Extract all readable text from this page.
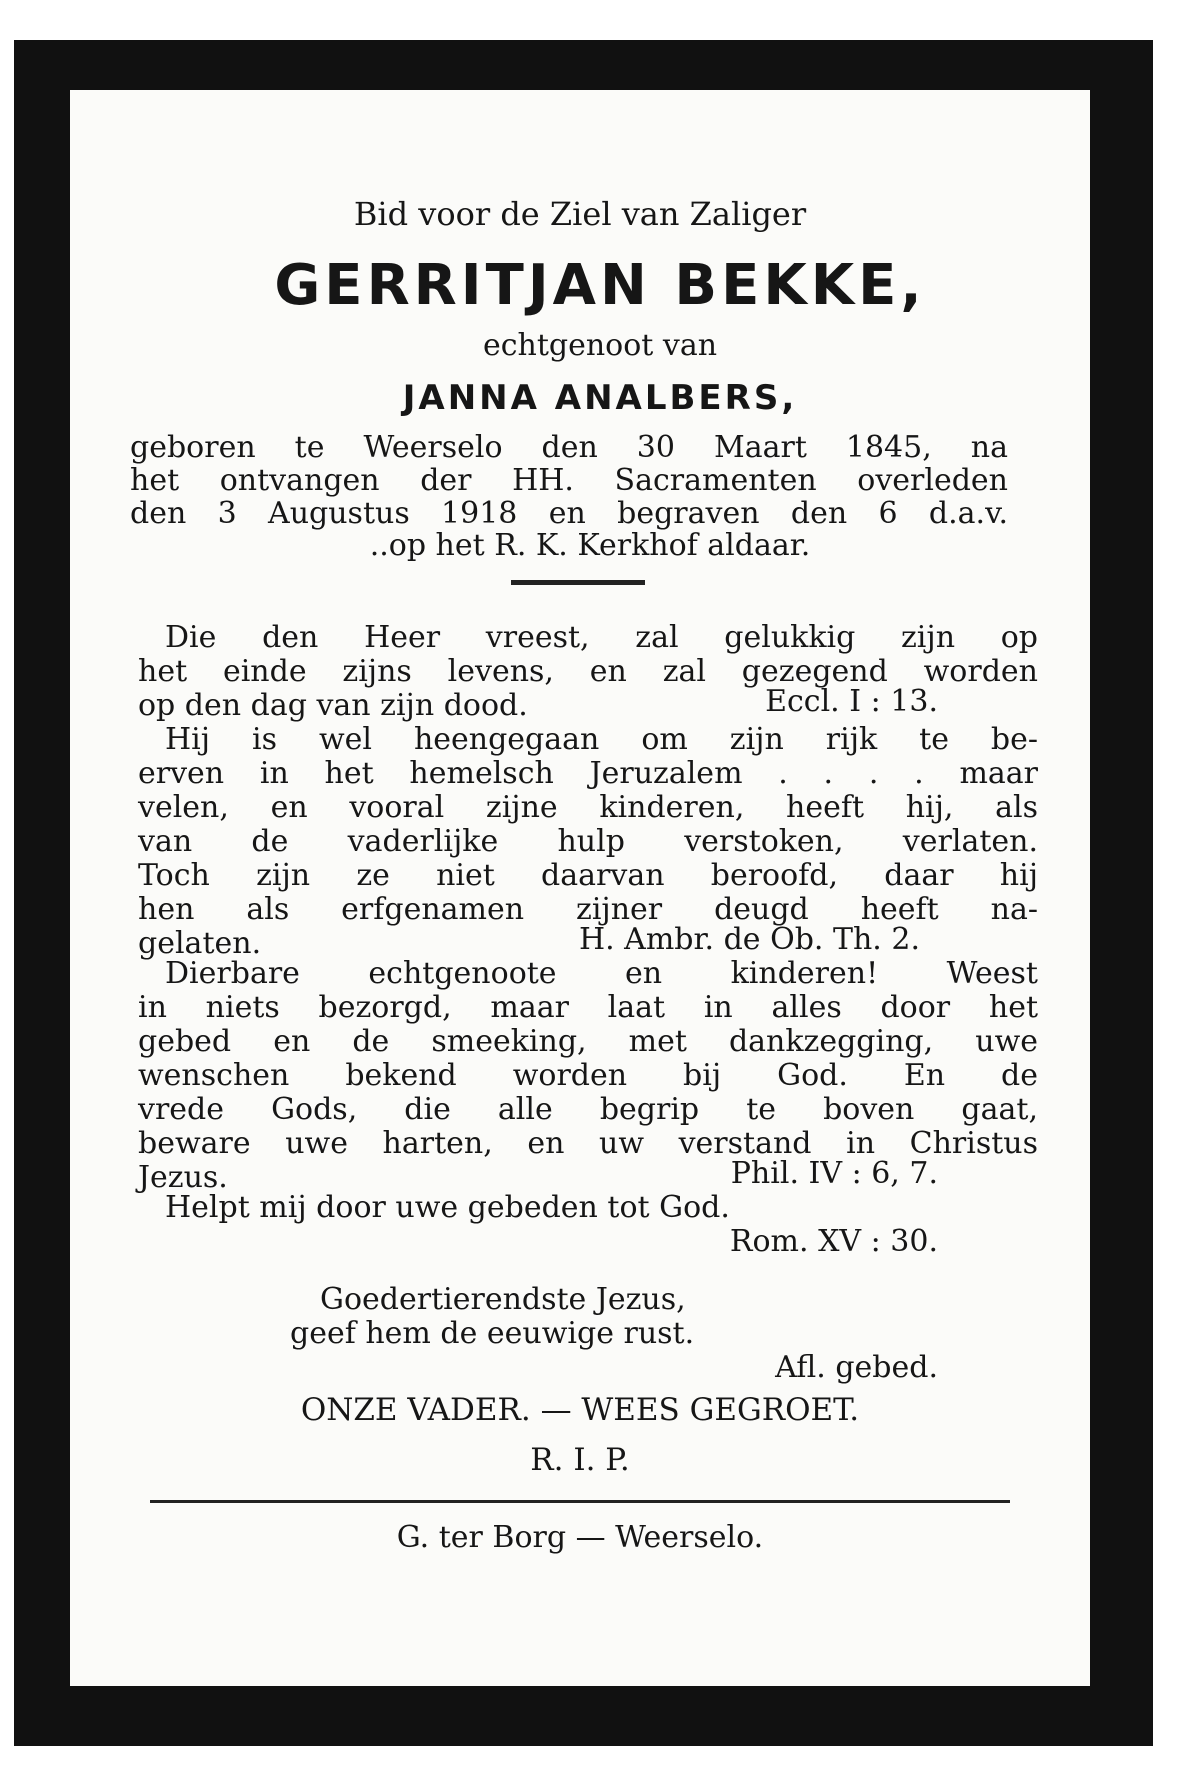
Bid voor de Ziel van Zaliger
GERRITJAN BEKKE,
echtgenoot van
JANNA ANALBERS,
geboren te Weerselo den 30 Maart 1845, na
het ontvangen der HH. Sacramenten overleden
den 3 Augustus 1918 en begraven den 6 d.a.v.
..op het R. K. Kerkhof aldaar.
Die den Heer vreest, zal gelukkig zijn op
het einde zijns levens, en zal gezegend worden
op den dag van zijn dood.	Eccl. I : 13.
Hij is wel heengegaan om zijn rijk te be-
erven in het hemelsch Jeruzalem . . . . maar
velen, en vooral zijne kinderen, heeft hij, als
van de vaderlijke hulp verstoken, verlaten.
Toch zijn ze niet daarvan beroofd, daar hij
hen als erfgenamen zijner deugd heeft na-
gelaten.	H. Ambr. de Ob. Th. 2.
Dierbare echtgenoote en kinderen! Weest
in niets bezorgd, maar laat in alles door het
gebed en de smeeking, met dankzegging, uwe
wenschen bekend worden bij God. En de
vrede Gods, die alle begrip te boven gaat,
beware uwe harten, en uw verstand in Christus
Jezus.	Phil. IV : 6, 7.
Helpt mij door uwe gebeden tot God.
Rom. XV : 30.
Goedertierendste Jezus,
geef hem de eeuwige rust.
Afl. gebed.
ONZE VADER. — WEES GEGROET.
R. I. P.
G. ter Borg — Weerselo.
